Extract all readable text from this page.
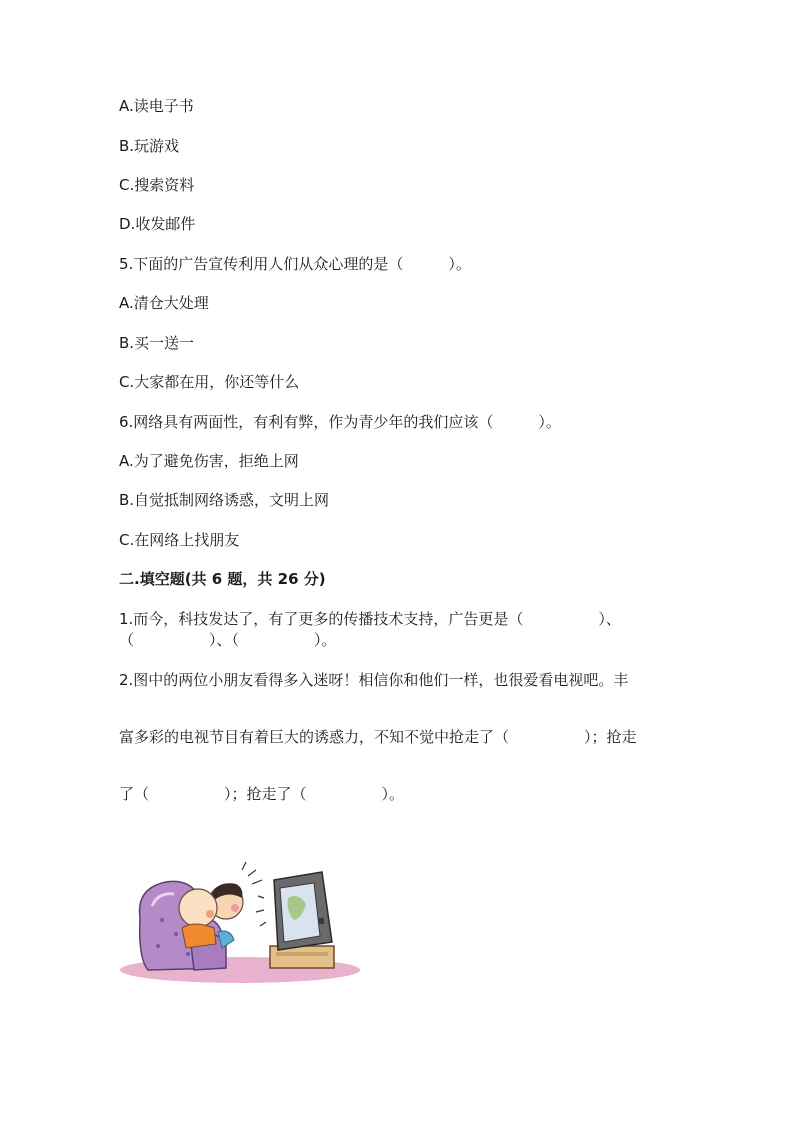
A.读电子书
B.玩游戏
C.搜索资料
D.收发邮件
5.下面的广告宣传利用人们从众心理的是（　　　）。
A.清仓大处理
B.买一送一
C.大家都在用，你还等什么
6.网络具有两面性，有利有弊，作为青少年的我们应该（　　　）。
A.为了避免伤害，拒绝上网
B.自觉抵制网络诱惑，文明上网
C.在网络上找朋友
二.填空题(共 6 题，共 26 分)
1.而今，科技发达了，有了更多的传播技术支持，广告更是（　　　　　）、
（　　　　　）、（　　　　　）。
2.图中的两位小朋友看得多入迷呀！相信你和他们一样，也很爱看电视吧。丰
富多彩的电视节目有着巨大的诱惑力，不知不觉中抢走了（　　　　　）；抢走
了（　　　　　）；抢走了（　　　　　）。
